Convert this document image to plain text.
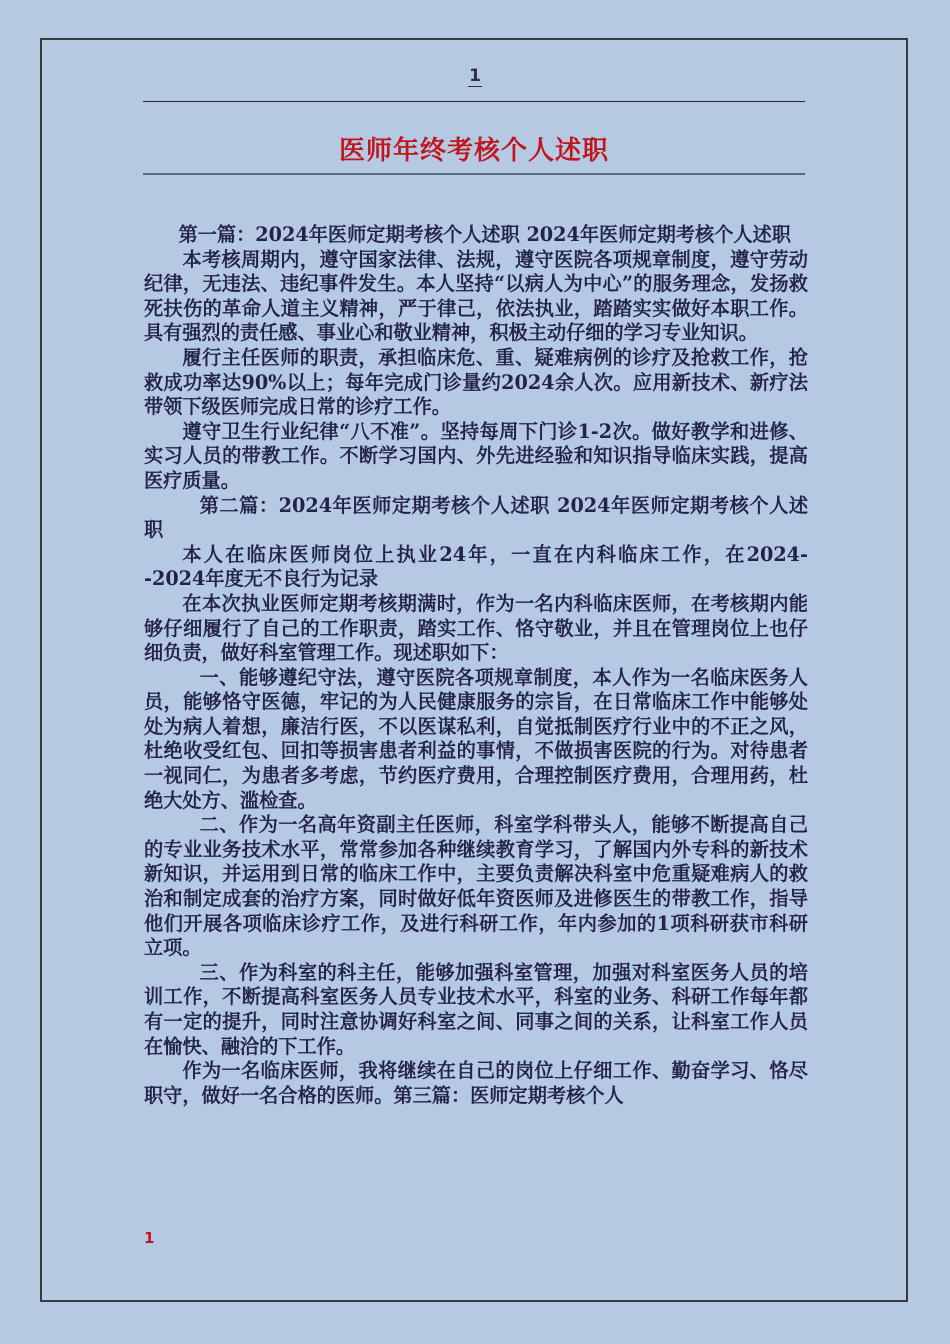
1
医师年终考核个人述职

第一篇：2024年医师定期考核个人述职 2024年医师定期考核个人述职

本考核周期内，遵守国家法律、法规，遵守医院各项规章制度，遵守劳动纪律，无违法、违纪事件发生。本人坚持“以病人为中心”的服务理念，发扬救死扶伤的革命人道主义精神，严于律己，依法执业，踏踏实实做好本职工作。具有强烈的责任感、事业心和敬业精神，积极主动仔细的学习专业知识。

履行主任医师的职责，承担临床危、重、疑难病例的诊疗及抢救工作，抢救成功率达90%以上；每年完成门诊量约2024余人次。应用新技术、新疗法带领下级医师完成日常的诊疗工作。

遵守卫生行业纪律“八不准”。坚持每周下门诊1-2次。做好教学和进修、实习人员的带教工作。不断学习国内、外先进经验和知识指导临床实践，提高医疗质量。

第二篇：2024年医师定期考核个人述职 2024年医师定期考核个人述职

本人在临床医师岗位上执业24年，一直在内科临床工作，在2024--2024年度无不良行为记录

在本次执业医师定期考核期满时，作为一名内科临床医师，在考核期内能够仔细履行了自己的工作职责，踏实工作、恪守敬业，并且在管理岗位上也仔细负责，做好科室管理工作。现述职如下：

一、能够遵纪守法，遵守医院各项规章制度，本人作为一名临床医务人员，能够恪守医德，牢记的为人民健康服务的宗旨，在日常临床工作中能够处处为病人着想，廉洁行医，不以医谋私利，自觉抵制医疗行业中的不正之风，杜绝收受红包、回扣等损害患者利益的事情，不做损害医院的行为。对待患者一视同仁，为患者多考虑，节约医疗费用，合理控制医疗费用，合理用药，杜绝大处方、滥检查。

二、作为一名高年资副主任医师，科室学科带头人，能够不断提高自己的专业业务技术水平，常常参加各种继续教育学习，了解国内外专科的新技术新知识，并运用到日常的临床工作中，主要负责解决科室中危重疑难病人的救治和制定成套的治疗方案，同时做好低年资医师及进修医生的带教工作，指导他们开展各项临床诊疗工作，及进行科研工作，年内参加的1项科研获市科研立项。

三、作为科室的科主任，能够加强科室管理，加强对科室医务人员的培训工作，不断提高科室医务人员专业技术水平，科室的业务、科研工作每年都有一定的提升，同时注意协调好科室之间、同事之间的关系，让科室工作人员在愉快、融洽的下工作。

作为一名临床医师，我将继续在自己的岗位上仔细工作、勤奋学习、恪尽职守，做好一名合格的医师。第三篇：医师定期考核个人

1
